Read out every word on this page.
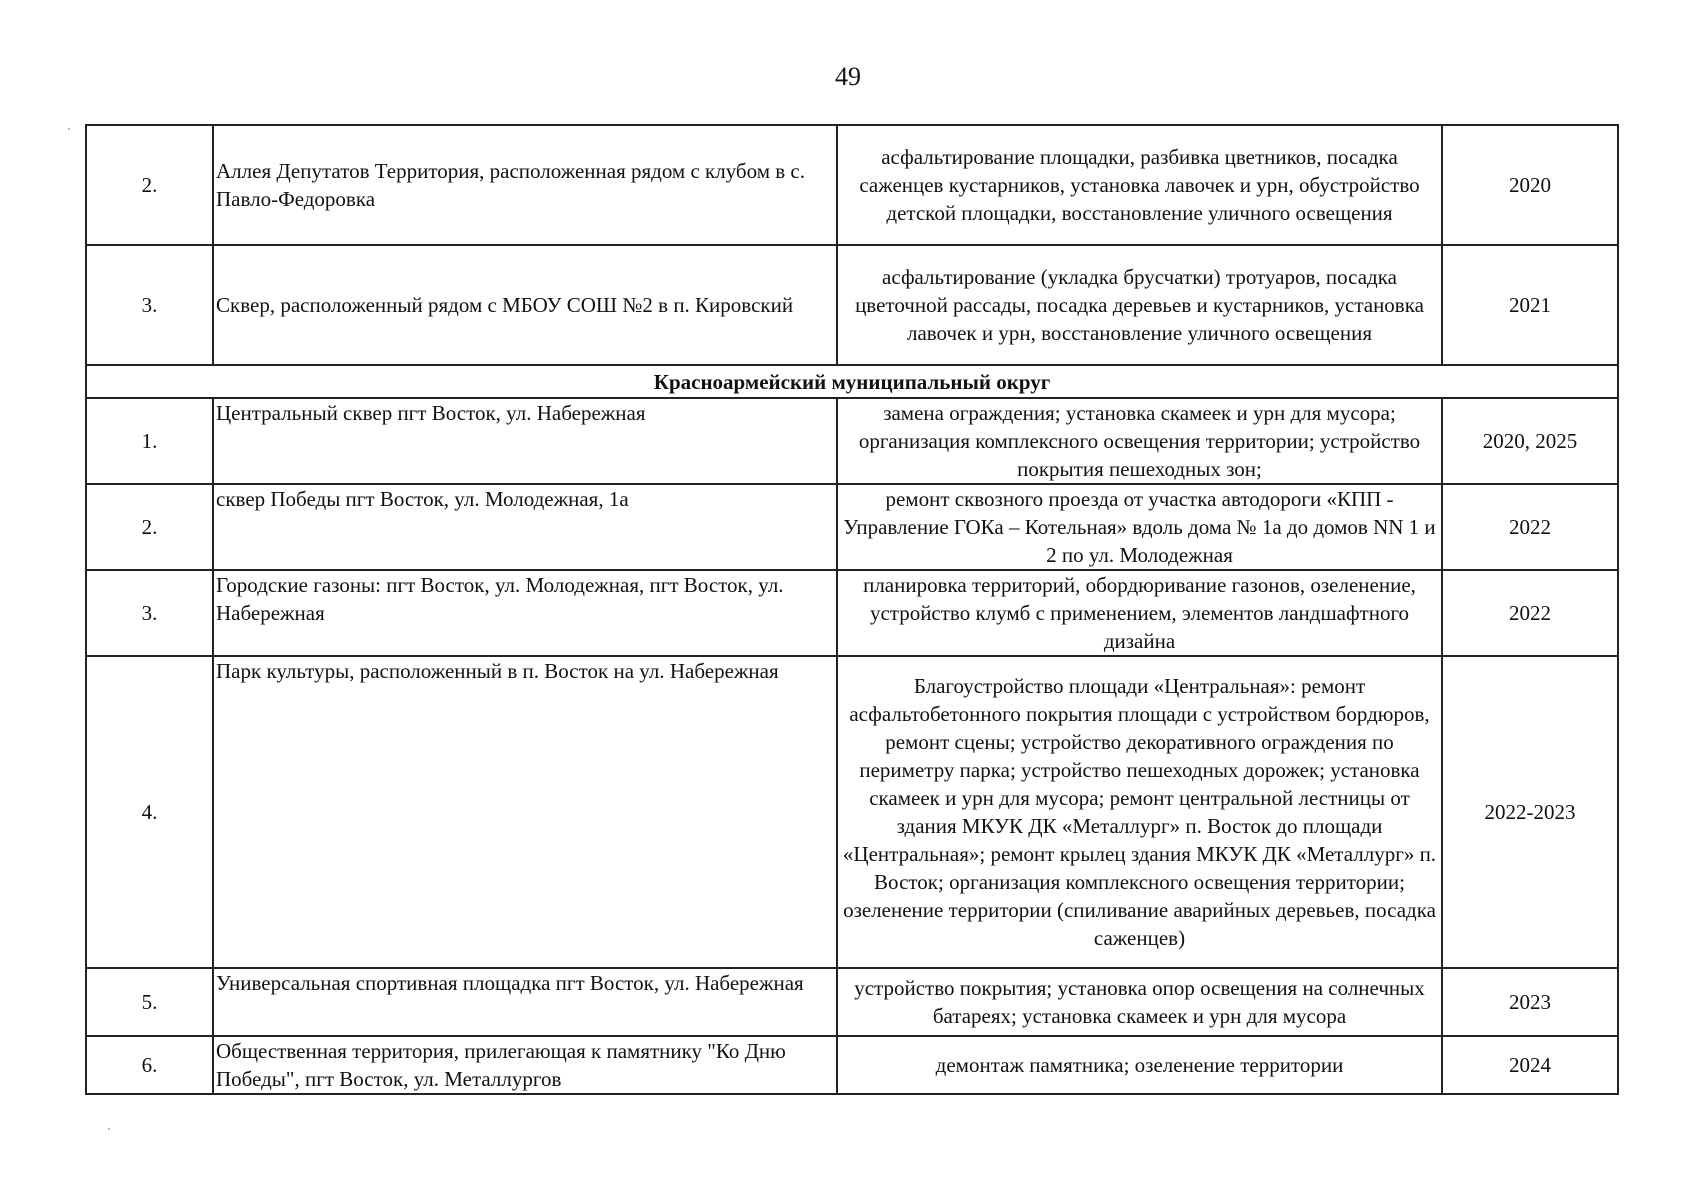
49
2.	Аллея Депутатов Территория, расположенная рядом с клубом в с. Павло-Федоровка	асфальтирование площадки, разбивка цветников, посадка саженцев кустарников, установка лавочек и урн, обустройство детской площадки, восстановление уличного освещения	2020
3.	Сквер, расположенный рядом с МБОУ СОШ №2 в п. Кировский	асфальтирование (укладка брусчатки) тротуаров, посадка цветочной рассады, посадка деревьев и кустарников, установка лавочек и урн, восстановление уличного освещения	2021
Красноармейский муниципальный округ			
1.	Центральный сквер пгт Восток, ул. Набережная	замена ограждения; установка скамеек и урн для мусора; организация комплексного освещения территории; устройство покрытия пешеходных зон;	2020, 2025
2.	сквер Победы пгт Восток, ул. Молодежная, 1а	ремонт сквозного проезда от участка автодороги «КПП - Управление ГОКа – Котельная» вдоль дома № 1а до домов NN 1 и 2 по ул. Молодежная	2022
3.	Городские газоны: пгт Восток, ул. Молодежная, пгт Восток, ул. Набережная	планировка территорий, обордюривание газонов, озеленение, устройство клумб с применением, элементов ландшафтного дизайна	2022
4.	Парк культуры, расположенный в п. Восток на ул. Набережная	Благоустройство площади «Центральная»: ремонт асфальтобетонного покрытия площади с устройством бордюров, ремонт сцены; устройство декоративного ограждения по периметру парка; устройство пешеходных дорожек; установка скамеек и урн для мусора; ремонт центральной лестницы от здания МКУК ДК «Металлург» п. Восток до площади «Центральная»; ремонт крылец здания МКУК ДК «Металлург» п. Восток; организация комплексного освещения территории; озеленение территории (спиливание аварийных деревьев, посадка саженцев)	2022-2023
5.	Универсальная спортивная площадка пгт Восток, ул. Набережная	устройство покрытия; установка опор освещения на солнечных батареях; установка скамеек и урн для мусора	2023
6.	Общественная территория, прилегающая к памятнику "Ко Дню Победы", пгт Восток, ул. Металлургов	демонтаж памятника; озеленение территории	2024
